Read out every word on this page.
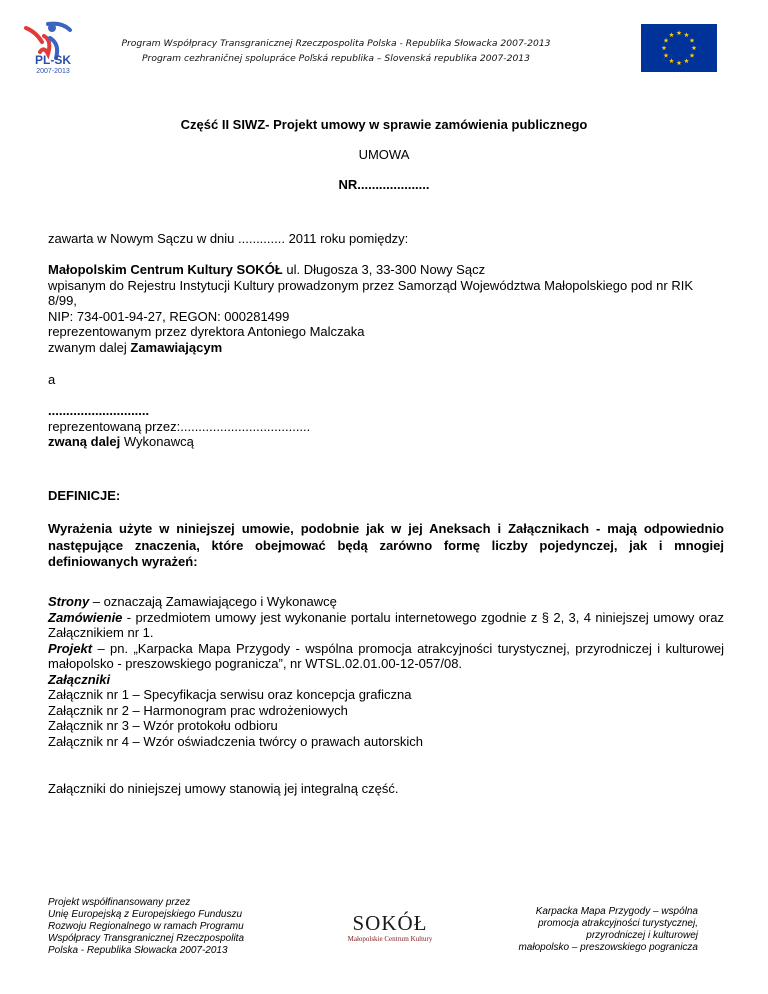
PL-SK
2007-2013
Program Współpracy Transgranicznej Rzeczpospolita Polska - Republika Słowacka 2007-2013
Program cezhraničnej spolupráce Poľská republika – Slovenská republika 2007-2013
Część II SIWZ- Projekt umowy w sprawie zamówienia publicznego
UMOWA
NR....................
zawarta w Nowym Sączu w dniu ............. 2011 roku pomiędzy:
Małopolskim Centrum Kultury SOKÓŁ ul. Długosza 3, 33-300 Nowy Sącz
wpisanym do Rejestru Instytucji Kultury prowadzonym przez Samorząd Województwa Małopolskiego pod nr RIK 8/99,
NIP: 734-001-94-27, REGON: 000281499
reprezentowanym przez dyrektora Antoniego Malczaka
zwanym dalej Zamawiającym
a
............................
reprezentowaną przez:....................................
zwaną dalej Wykonawcą
DEFINICJE:
Wyrażenia użyte w niniejszej umowie, podobnie jak w jej Aneksach i Załącznikach - mają odpowiednio następujące znaczenia, które obejmować będą zarówno formę liczby pojedynczej, jak i mnogiej definiowanych wyrażeń:
Strony – oznaczają Zamawiającego i Wykonawcę
Zamówienie - przedmiotem umowy jest wykonanie portalu internetowego zgodnie z § 2, 3, 4 niniejszej umowy oraz Załącznikiem nr 1.
Projekt – pn. „Karpacka Mapa Przygody - wspólna promocja atrakcyjności turystycznej, przyrodniczej i kulturowej małopolsko - preszowskiego pogranicza”, nr WTSL.02.01.00-12-057/08.
Załączniki
Załącznik nr 1 – Specyfikacja serwisu oraz koncepcja graficzna
Załącznik nr 2 – Harmonogram prac wdrożeniowych
Załącznik nr 3 – Wzór protokołu odbioru
Załącznik nr 4 – Wzór oświadczenia twórcy o prawach autorskich
Załączniki do niniejszej umowy stanowią jej integralną część.
Projekt współfinansowany przez
Unię Europejską z Europejskiego Funduszu
Rozwoju Regionalnego w ramach Programu
Współpracy Transgranicznej Rzeczpospolita
Polska - Republika Słowacka 2007-2013
SOKÓŁ
Małopolskie Centrum Kultury
Karpacka Mapa Przygody – wspólna
promocja atrakcyjności turystycznej,
przyrodniczej i kulturowej
małopolsko – preszowskiego pogranicza
